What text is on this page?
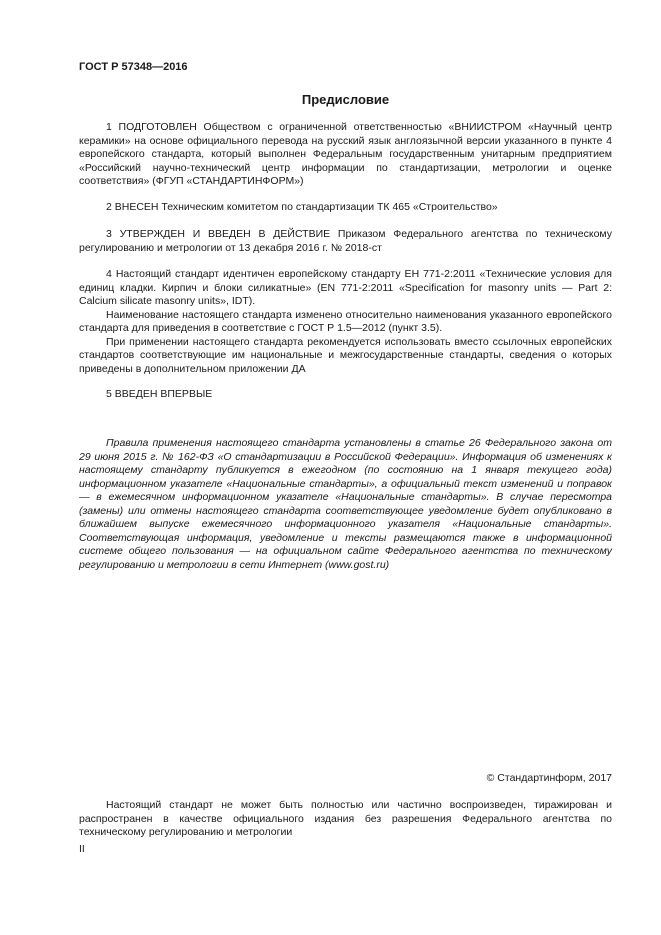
ГОСТ Р 57348—2016
Предисловие

1 ПОДГОТОВЛЕН Обществом с ограниченной ответственностью «ВНИИСТРОМ «Научный центр керамики» на основе официального перевода на русский язык англоязычной версии указанного в пункте 4 европейского стандарта, который выполнен Федеральным государственным унитарным предприятием «Российский научно-технический центр информации по стандартизации, метрологии и оценке соответствия» (ФГУП «СТАНДАРТИНФОРМ»)

2 ВНЕСЕН Техническим комитетом по стандартизации ТК 465 «Строительство»

3 УТВЕРЖДЕН И ВВЕДЕН В ДЕЙСТВИЕ Приказом Федерального агентства по техническому регулированию и метрологии от 13 декабря 2016 г. № 2018-ст

4 Настоящий стандарт идентичен европейскому стандарту ЕН 771-2:2011 «Технические условия для единиц кладки. Кирпич и блоки силикатные» (EN 771-2:2011 «Specification for masonry units — Part 2: Calcium silicate masonry units», IDT).

Наименование настоящего стандарта изменено относительно наименования указанного европейского стандарта для приведения в соответствие с ГОСТ Р 1.5—2012 (пункт 3.5).

При применении настоящего стандарта рекомендуется использовать вместо ссылочных европейских стандартов соответствующие им национальные и межгосударственные стандарты, сведения о которых приведены в дополнительном приложении ДА

5 ВВЕДЕН ВПЕРВЫЕ

Правила применения настоящего стандарта установлены в статье 26 Федерального закона от 29 июня 2015 г. № 162-ФЗ «О стандартизации в Российской Федерации». Информация об изменениях к настоящему стандарту публикуется в ежегодном (по состоянию на 1 января текущего года) информационном указателе «Национальные стандарты», а официальный текст изменений и поправок — в ежемесячном информационном указателе «Национальные стандарты». В случае пересмотра (замены) или отмены настоящего стандарта соответствующее уведомление будет опубликовано в ближайшем выпуске ежемесячного информационного указателя «Национальные стандарты». Соответствующая информация, уведомление и тексты размещаются также в информационной системе общего пользования — на официальном сайте Федерального агентства по техническому регулированию и метрологии в сети Интернет (www.gost.ru)

© Стандартинформ, 2017

Настоящий стандарт не может быть полностью или частично воспроизведен, тиражирован и распространен в качестве официального издания без разрешения Федерального агентства по техническому регулированию и метрологии

II
